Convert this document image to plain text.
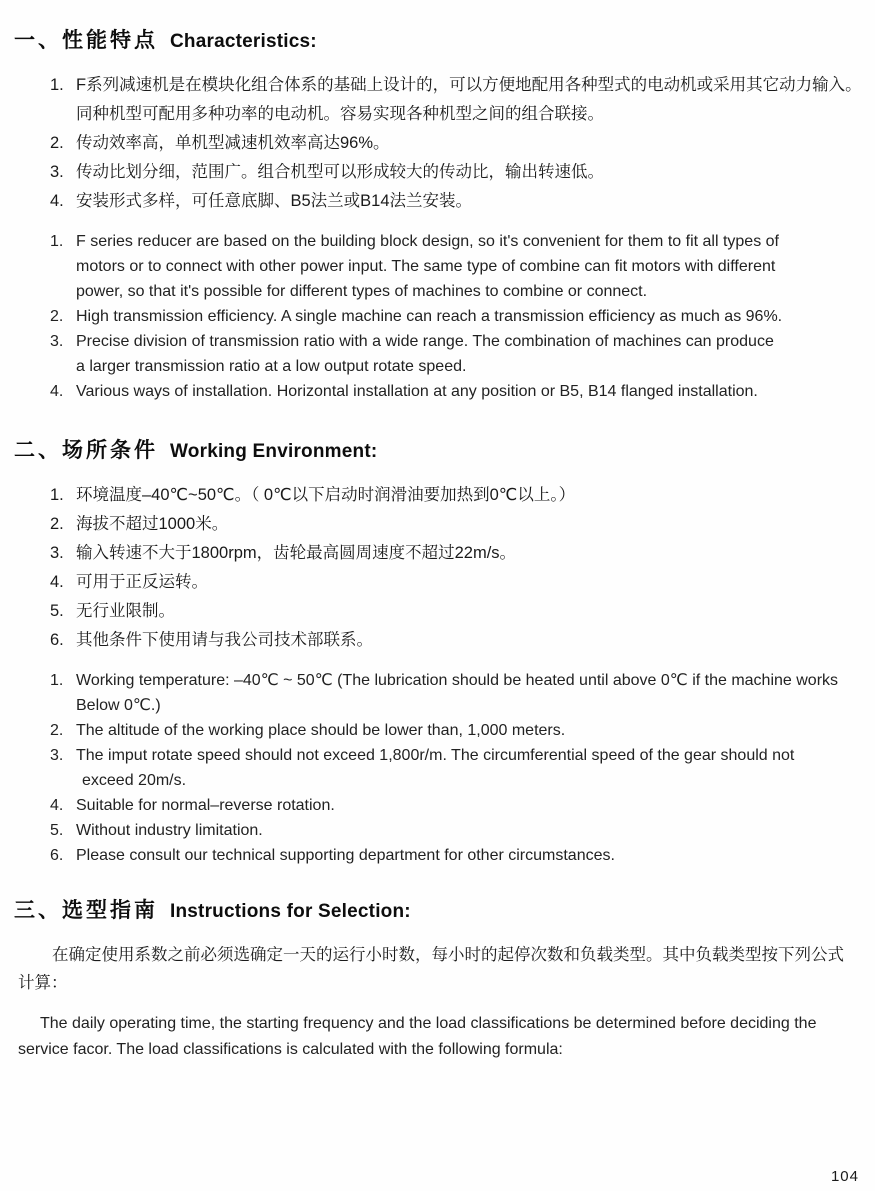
一、性能特点 Characteristics:
1. F系列减速机是在模块化组合体系的基础上设计的，可以方便地配用各种型式的电动机或采用其它动力输入。
同种机型可配用多种功率的电动机。容易实现各种机型之间的组合联接。
2. 传动效率高，单机型减速机效率高达96%。
3. 传动比划分细，范围广。组合机型可以形成较大的传动比，输出转速低。
4. 安装形式多样，可任意底脚、B5法兰或B14法兰安装。
1. F series reducer are based on the building block design, so it's convenient for them to fit all types of
motors or to connect with other power input. The same type of combine can fit motors with different
power, so that it's possible for different types of machines to combine or connect.
2. High transmission efficiency. A single machine can reach a transmission efficiency as much as 96%.
3. Precise division of transmission ratio with a wide range. The combination of machines can produce
a larger transmission ratio at a low output rotate speed.
4. Various ways of installation. Horizontal installation at any position or B5, B14 flanged installation.
二、场所条件 Working Environment:
1. 环境温度–40℃~50℃。（ 0℃以下启动时润滑油要加热到0℃以上。）
2. 海拔不超过1000米。
3. 输入转速不大于1800rpm，齿轮最高圆周速度不超过22m/s。
4. 可用于正反运转。
5. 无行业限制。
6. 其他条件下使用请与我公司技术部联系。
1. Working temperature: –40℃ ~ 50℃ (The lubrication should be heated until above 0℃ if the machine works
Below 0℃.)
2. The altitude of the working place should be lower than, 1,000 meters.
3. The imput rotate speed should not exceed 1,800r/m. The circumferential speed of the gear should not
exceed 20m/s.
4. Suitable for normal–reverse rotation.
5. Without industry limitation.
6. Please consult our technical supporting department for other circumstances.
三、选型指南 Instructions for Selection:
在确定使用系数之前必须选确定一天的运行小时数，每小时的起停次数和负载类型。其中负载类型按下列公式
计算：
The daily operating time, the starting frequency and the load classifications be determined before deciding the
service facor. The load classifications is calculated with the following formula:
104
